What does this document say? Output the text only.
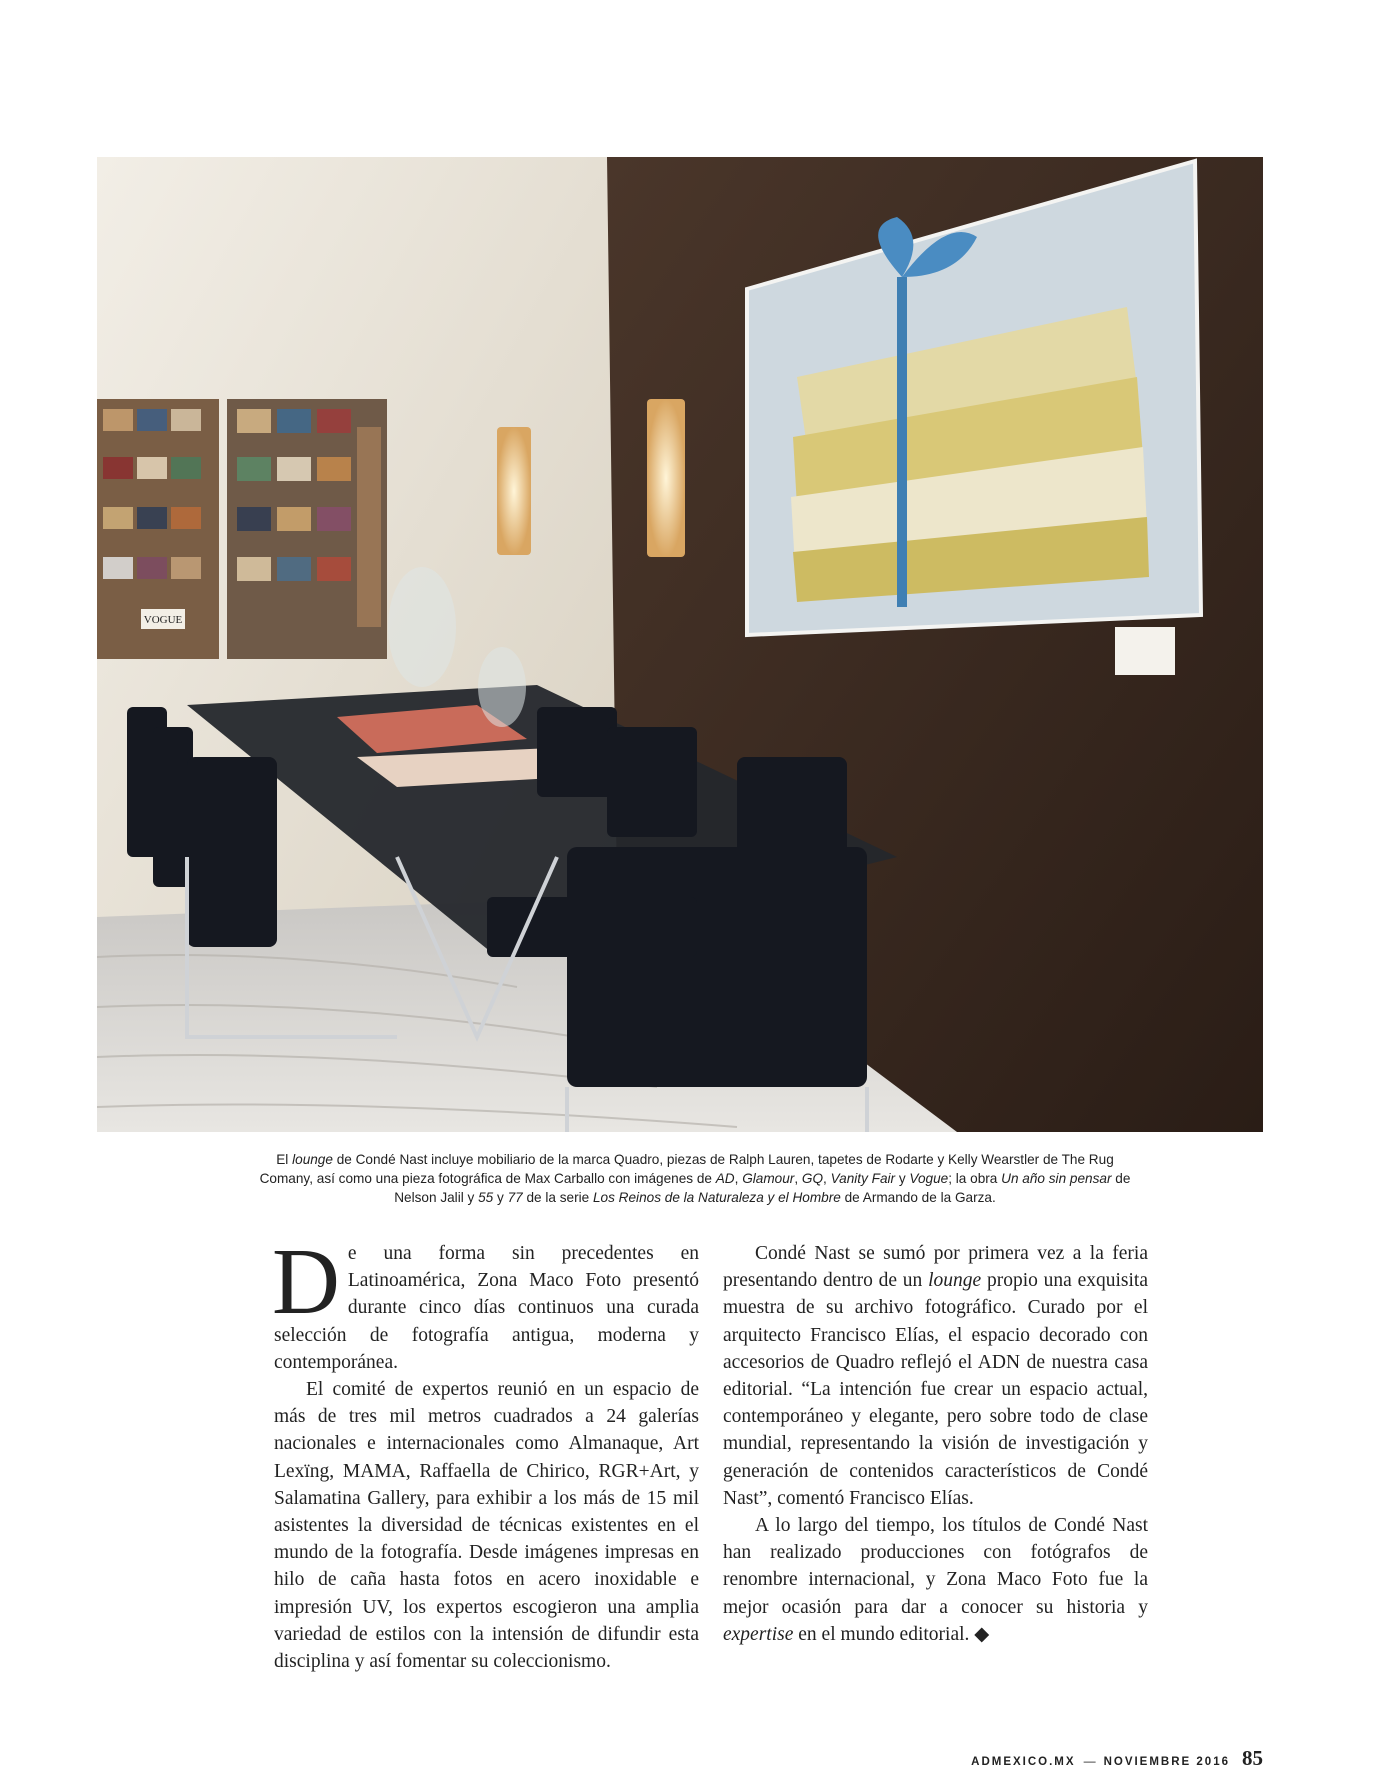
VOGUE

El lounge de Condé Nast incluye mobiliario de la marca Quadro, piezas de Ralph Lauren, tapetes de Rodarte y Kelly Wearstler de The Rug Comany, así como una pieza fotográfica de Max Carballo con imágenes de AD, Glamour, GQ, Vanity Fair y Vogue; la obra Un año sin pensar de Nelson Jalil y 55 y 77 de la serie Los Reinos de la Naturaleza y el Hombre de Armando de la Garza.

De una forma sin precedentes en Latinoamérica, Zona Maco Foto presentó durante cinco días continuos una curada selección de fotografía antigua, moderna y contemporánea.

El comité de expertos reunió en un espacio de más de tres mil metros cuadrados a 24 galerías nacionales e internacionales como Almanaque, Art Lexïng, MAMA, Raffaella de Chirico, RGR+Art, y Salamatina Gallery, para exhibir a los más de 15 mil asistentes la diversidad de técnicas existentes en el mundo de la fotografía. Desde imágenes impresas en hilo de caña hasta fotos en acero inoxidable e impresión UV, los expertos escogieron una amplia variedad de estilos con la intensión de difundir esta disciplina y así fomentar su coleccionismo.

Condé Nast se sumó por primera vez a la feria presentando dentro de un lounge propio una exquisita muestra de su archivo fotográfico. Curado por el arquitecto Francisco Elías, el espacio decorado con accesorios de Quadro reflejó el ADN de nuestra casa editorial. “La intención fue crear un espacio actual, contemporáneo y elegante, pero sobre todo de clase mundial, representando la visión de investigación y generación de contenidos característicos de Condé Nast”, comentó Francisco Elías.

A lo largo del tiempo, los títulos de Condé Nast han realizado producciones con fotógrafos de renombre internacional, y Zona Maco Foto fue la mejor ocasión para dar a conocer su historia y expertise en el mundo editorial. ◆

ADMEXICO.MX — NOVIEMBRE 2016 85
